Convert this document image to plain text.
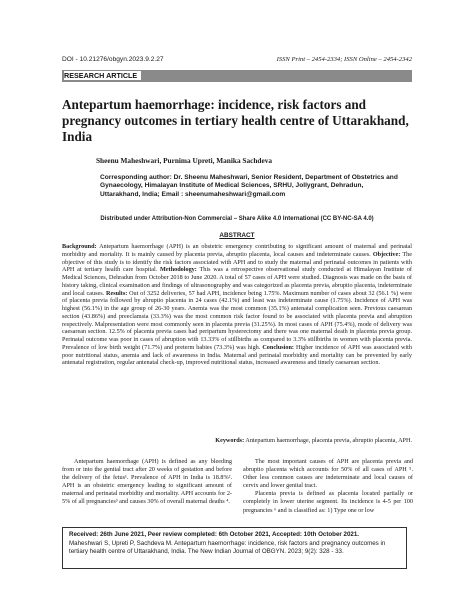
DOI - 10.21276/obgyn.2023.9.2.27	ISSN Print – 2454-2334; ISSN Online – 2454-2342
RESEARCH ARTICLE
Antepartum haemorrhage: incidence, risk factors and pregnancy outcomes in tertiary health centre of Uttarakhand, India
Sheenu Maheshwari, Purnima Upreti, Manika Sachdeva
Corresponding author: Dr. Sheenu Maheshwari, Senior Resident, Department of Obstetrics and Gynaecology, Himalayan Institute of Medical Sciences, SRHU, Jollygrant, Dehradun, Uttarakhand, India; Email : sheenumaheshwari@gmail.com
Distributed under Attribution-Non Commercial – Share Alike 4.0 International (CC BY-NC-SA 4.0)
ABSTRACT

Background: Antepartum haemorrhage (APH) is an obstetric emergency contributing to significant amount of maternal and perinatal morbidity and mortality. It is mainly caused by placenta previa, abruptio placenta, local causes and indeterminate causes. Objective: The objective of this study is to identify the risk factors associated with APH and to study the maternal and perinatal outcomes in patients with APH at tertiary health care hospital. Methodology: This was a retrospective observational study conducted at Himalayan Institute of Medical Sciences, Dehradun from October 2018 to June 2020. A total of 57 cases of APH were studied. Diagnosis was made on the basis of history taking, clinical examination and findings of ultrasonography and was categorized as placenta previa, abruptio placenta, indeterminate and local causes. Results: Out of 3252 deliveries, 57 had APH, incidence being 1.75%. Maximum number of cases about 32 (56.1 %) were of placenta previa followed by abruptio placenta in 24 cases (42.1%) and least was indeterminate cause (1.75%). Incidence of APH was highest (56.1%) in the age group of 26-30 years. Anemia was the most common (35.1%) antenatal complication seen. Previous caesarean section (43.86%) and preeclamsia (33.3%) was the most common risk factor found to be associated with placenta previa and abruption respectively. Malpresentation were most commonly seen in placenta previa (31.25%). In most cases of APH (75.4%), mode of delivery was caesarean section. 12.5% of placenta previa cases had peripartum hysterectomy and there was one maternal death in placenta previa group. Perinatal outcome was poor in cases of abruption with 13.33% of stillbirths as compared to 3.3% stillbirths in women with placenta previa. Prevalence of low birth weight (71.7%) and preterm babies (73.3%) was high. Conclusion: Higher incidence of APH was associated with poor nutritional status, anemia and lack of awareness in India. Maternal and perinatal morbidity and mortality can be prevented by early antenatal registration, regular antenatal check-up, improved nutritional status, increased awareness and timely caesarean section.

Keywords: Antepartum haemorrhage, placenta previa, abruptio placenta, APH.

Antepartum haemorrhage (APH) is defined as any bleeding from or into the genital tract after 20 weeks of gestation and before the delivery of the fetus¹. Prevalence of APH in India is 18.8%². APH is an obstetric emergency leading to significant amount of maternal and perinatal morbidity and mortality. APH accounts for 2-5% of all pregnancies³ and causes 30% of overall maternal deaths ⁴.

The most important causes of APH are placenta previa and abruptio placenta which accounts for 50% of all cases of APH ⁵. Other less common causes are indeterminate and local causes of cervix and lower genital tract.

Placenta previa is defined as placenta located partially or completely in lower uterine segment. Its incidence is 4-5 per 100 pregnancies ⁶ and is classified as: 1) Type one or low

Received: 26th June 2021, Peer review completed: 6th October 2021, Accepted: 10th October 2021.
Maheshwari S, Upreti P, Sachdeva M. Antepartum haemorrhage: incidence, risk factors and pregnancy outcomes in tertiary health centre of Uttarakhand, India. The New Indian Journal of OBGYN. 2023; 9(2): 328 - 33.
